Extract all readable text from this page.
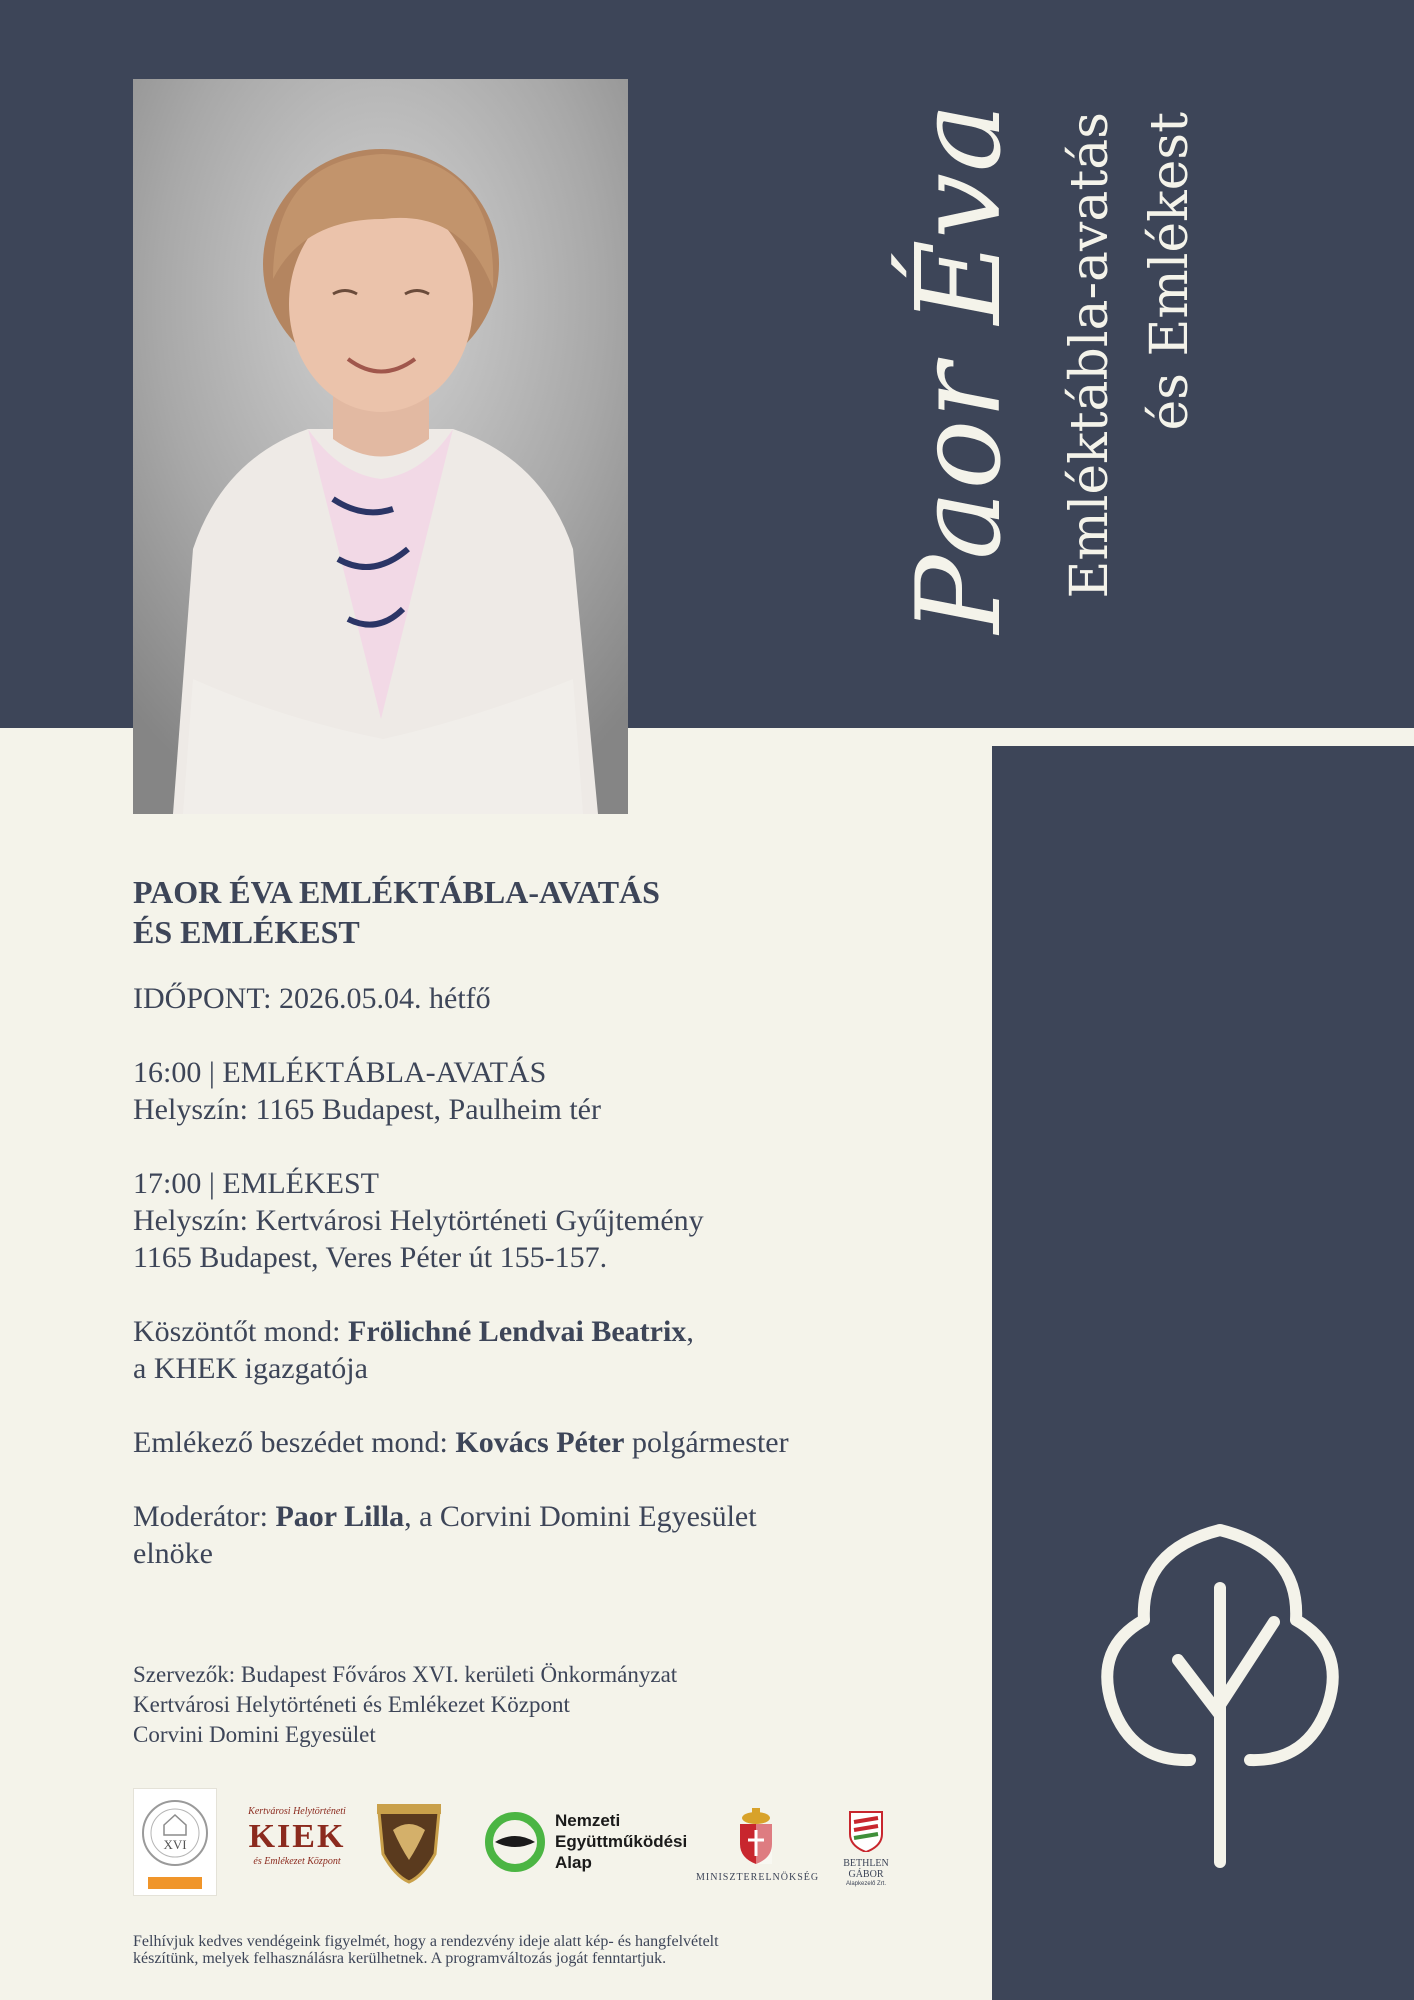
Paor Éva Emléktábla-avatás és Emlékest
PAOR ÉVA EMLÉKTÁBLA-AVATÁS
ÉS EMLÉKEST
IDŐPONT: 2026.05.04. hétfő
16:00 | EMLÉKTÁBLA-AVATÁS
Helyszín: 1165 Budapest, Paulheim tér
17:00 | EMLÉKEST
Helyszín: Kertvárosi Helytörténeti Gyűjtemény
1165 Budapest, Veres Péter út 155-157.
Köszöntőt mond: Frölichné Lendvai Beatrix,
a KHEK igazgatója
Emlékező beszédet mond: Kovács Péter polgármester
Moderátor: Paor Lilla, a Corvini Domini Egyesület
elnöke
Szervezők: Budapest Főváros XVI. kerületi Önkormányzat
Kertvárosi Helytörténeti és Emlékezet Központ
Corvini Domini Egyesület
XVI
Kertvárosi Helytörténeti
KIEK
és Emlékezet Központ
Nemzeti
Együttműködési
Alap
MINISZTERELNÖKSÉG
BETHLEN GÁBOR
Alapkezelő Zrt.
Felhívjuk kedves vendégeink figyelmét, hogy a rendezvény ideje alatt kép- és hangfelvételt
készítünk, melyek felhasználásra kerülhetnek. A programváltozás jogát fenntartjuk.
